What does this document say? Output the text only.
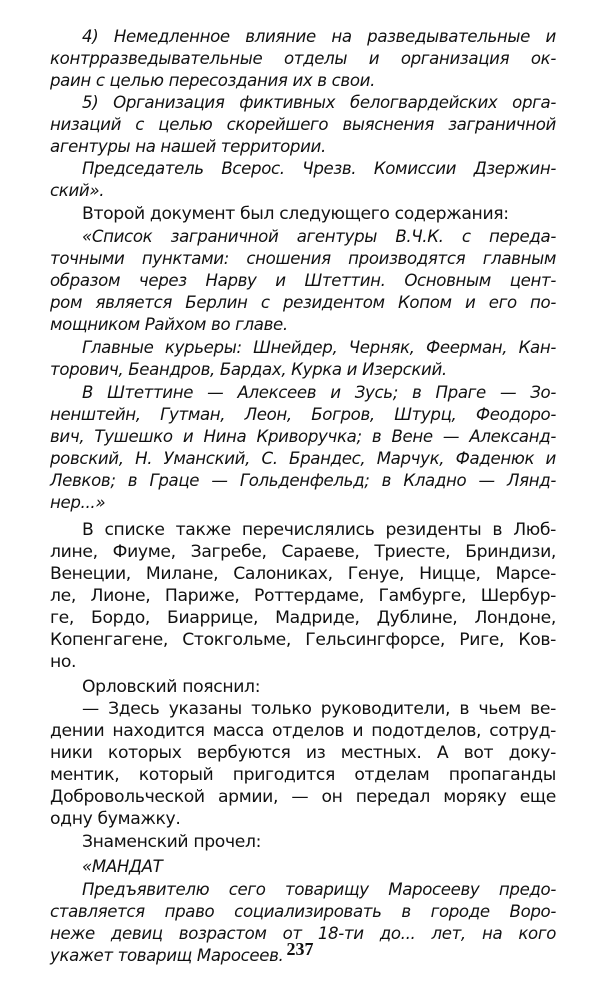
4) Немедленное влияние на разведывательные и
контрразведывательные отделы и организация ок-
раин с целью пересоздания их в свои.
5) Организация фиктивных белогвардейских орга-
низаций с целью скорейшего выяснения заграничной
агентуры на нашей территории.
Председатель Всерос. Чрезв. Комиссии Дзержин-
ский».
Второй документ был следующего содержания:
«Список заграничной агентуры В.Ч.К. с переда-
точными пунктами: сношения производятся главным
образом через Нарву и Штеттин. Основным цент-
ром является Берлин с резидентом Копом и его по-
мощником Райхом во главе.
Главные курьеры: Шнейдер, Черняк, Феерман, Кан-
торович, Беандров, Бардах, Курка и Изерский.
В Штеттине — Алексеев и Зусь; в Праге — Зо-
ненштейн, Гутман, Леон, Богров, Штурц, Феодоро-
вич, Тушешко и Нина Криворучка; в Вене — Александ-
ровский, Н. Уманский, С. Брандес, Марчук, Фаденюк и
Левков; в Граце — Гольденфельд; в Кладно — Лянд-
нер...»
В списке также перечислялись резиденты в Люб-
лине, Фиуме, Загребе, Сараеве, Триесте, Бриндизи,
Венеции, Милане, Салониках, Генуе, Ницце, Марсе-
ле, Лионе, Париже, Роттердаме, Гамбурге, Шербур-
ге, Бордо, Биаррице, Мадриде, Дублине, Лондоне,
Копенгагене, Стокгольме, Гельсингфорсе, Риге, Ков-
но.
Орловский пояснил:
— Здесь указаны только руководители, в чьем ве-
дении находится масса отделов и подотделов, сотруд-
ники которых вербуются из местных. А вот доку-
ментик, который пригодится отделам пропаганды
Добровольческой армии, — он передал моряку еще
одну бумажку.
Знаменский прочел:
«МАНДАТ
Предъявителю сего товарищу Маросееву предо-
ставляется право социализировать в городе Воро-
неже девиц возрастом от 18-ти до... лет, на кого
укажет товарищ Маросеев. 237
